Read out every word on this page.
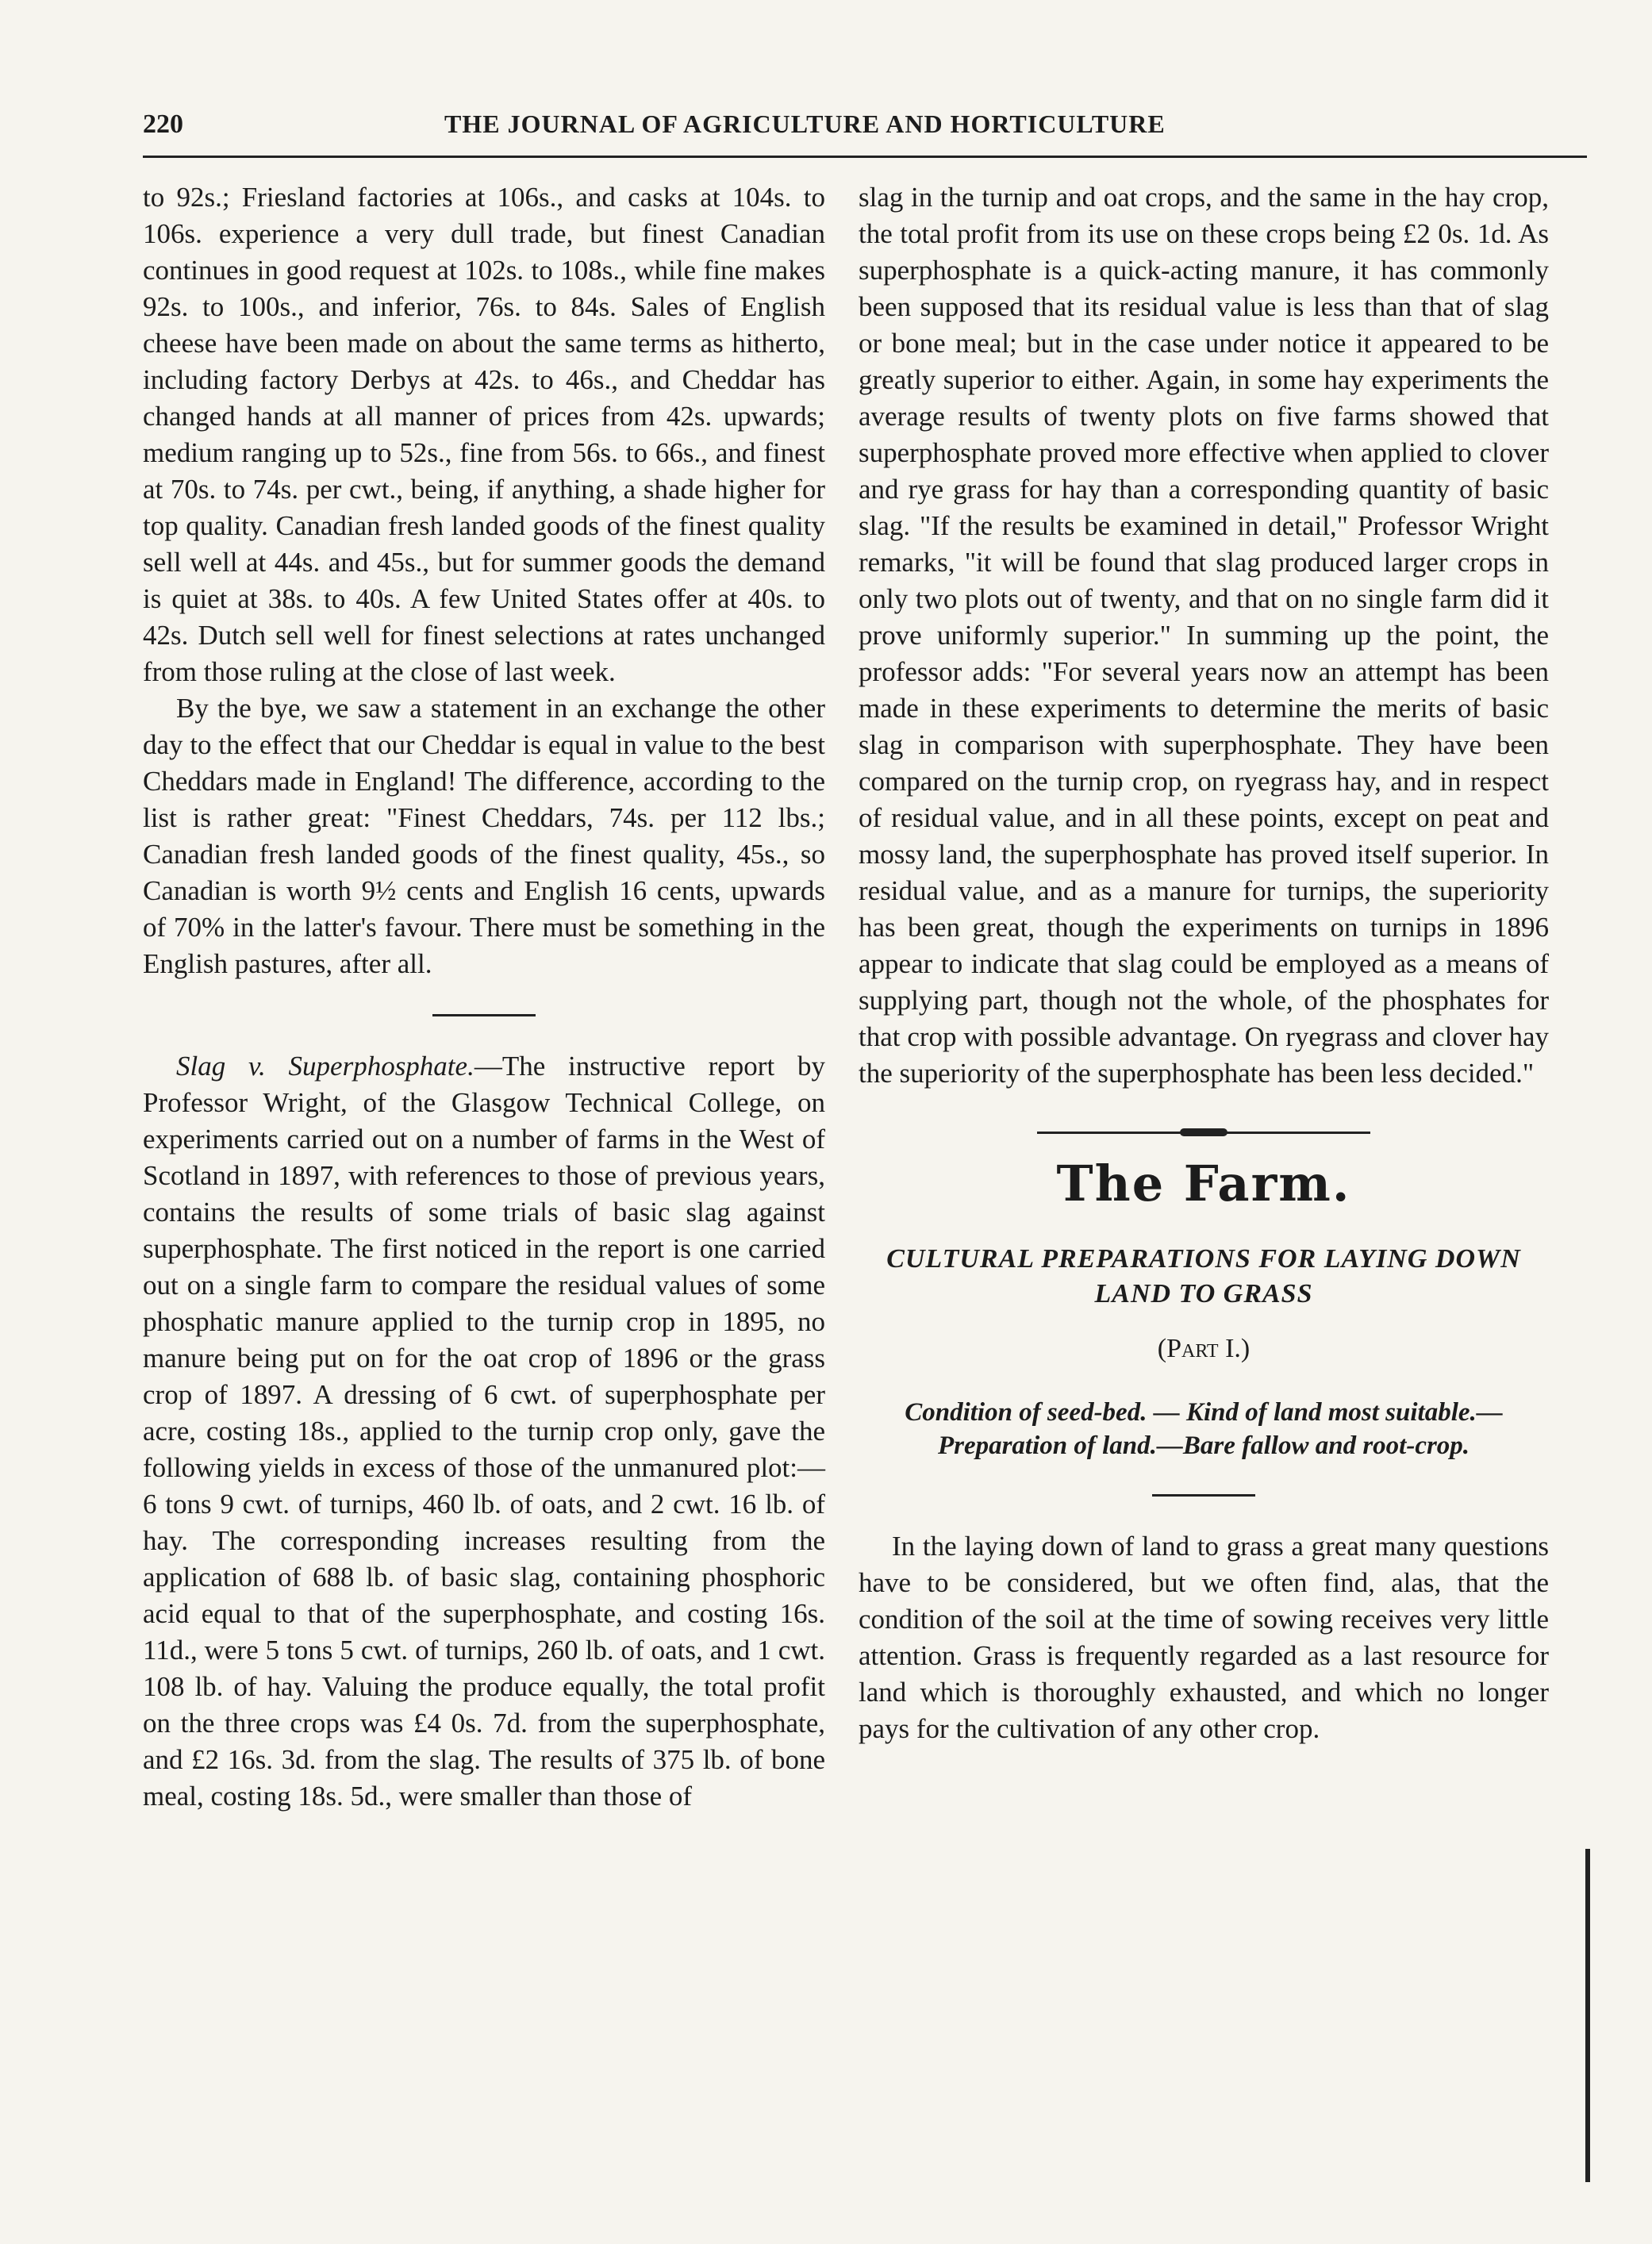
220	THE JOURNAL OF AGRICULTURE AND HORTICULTURE

to 92s.; Friesland factories at 106s., and casks at 104s. to 106s. experience a very dull trade, but finest Canadian continues in good request at 102s. to 108s., while fine makes 92s. to 100s., and inferior, 76s. to 84s. Sales of English cheese have been made on about the same terms as hitherto, including factory Derbys at 42s. to 46s., and Cheddar has changed hands at all manner of prices from 42s. upwards; medium ranging up to 52s., fine from 56s. to 66s., and finest at 70s. to 74s. per cwt., being, if anything, a shade higher for top quality. Canadian fresh landed goods of the finest quality sell well at 44s. and 45s., but for summer goods the demand is quiet at 38s. to 40s. A few United States offer at 40s. to 42s. Dutch sell well for finest selections at rates unchanged from those ruling at the close of last week.

By the bye, we saw a statement in an exchange the other day to the effect that our Cheddar is equal in value to the best Cheddars made in England! The difference, according to the list is rather great: "Finest Cheddars, 74s. per 112 lbs.; Canadian fresh landed goods of the finest quality, 45s., so Canadian is worth 9½ cents and English 16 cents, upwards of 70% in the latter's favour. There must be something in the English pastures, after all.

Slag v. Superphosphate.—The instructive report by Professor Wright, of the Glasgow Technical College, on experiments carried out on a number of farms in the West of Scotland in 1897, with references to those of previous years, contains the results of some trials of basic slag against superphosphate. The first noticed in the report is one carried out on a single farm to compare the residual values of some phosphatic manure applied to the turnip crop in 1895, no manure being put on for the oat crop of 1896 or the grass crop of 1897. A dressing of 6 cwt. of superphosphate per acre, costing 18s., applied to the turnip crop only, gave the following yields in excess of those of the unmanured plot:—6 tons 9 cwt. of turnips, 460 lb. of oats, and 2 cwt. 16 lb. of hay. The corresponding increases resulting from the application of 688 lb. of basic slag, containing phosphoric acid equal to that of the superphosphate, and costing 16s. 11d., were 5 tons 5 cwt. of turnips, 260 lb. of oats, and 1 cwt. 108 lb. of hay. Valuing the produce equally, the total profit on the three crops was £4 0s. 7d. from the superphosphate, and £2 16s. 3d. from the slag. The results of 375 lb. of bone meal, costing 18s. 5d., were smaller than those of

slag in the turnip and oat crops, and the same in the hay crop, the total profit from its use on these crops being £2 0s. 1d. As superphosphate is a quick-acting manure, it has commonly been supposed that its residual value is less than that of slag or bone meal; but in the case under notice it appeared to be greatly superior to either. Again, in some hay experiments the average results of twenty plots on five farms showed that superphosphate proved more effective when applied to clover and rye grass for hay than a corresponding quantity of basic slag. "If the results be examined in detail," Professor Wright remarks, "it will be found that slag produced larger crops in only two plots out of twenty, and that on no single farm did it prove uniformly superior." In summing up the point, the professor adds: "For several years now an attempt has been made in these experiments to determine the merits of basic slag in comparison with superphosphate. They have been compared on the turnip crop, on ryegrass hay, and in respect of residual value, and in all these points, except on peat and mossy land, the superphosphate has proved itself superior. In residual value, and as a manure for turnips, the superiority has been great, though the experiments on turnips in 1896 appear to indicate that slag could be employed as a means of supplying part, though not the whole, of the phosphates for that crop with possible advantage. On ryegrass and clover hay the superiority of the superphosphate has been less decided."

The Farm.
CULTURAL PREPARATIONS FOR LAYING DOWN LAND TO GRASS
(Part I.)
Condition of seed-bed. — Kind of land most suitable.—Preparation of land.—Bare fallow and root-crop.

In the laying down of land to grass a great many questions have to be considered, but we often find, alas, that the condition of the soil at the time of sowing receives very little attention. Grass is frequently regarded as a last resource for land which is thoroughly exhausted, and which no longer pays for the cultivation of any other crop.
